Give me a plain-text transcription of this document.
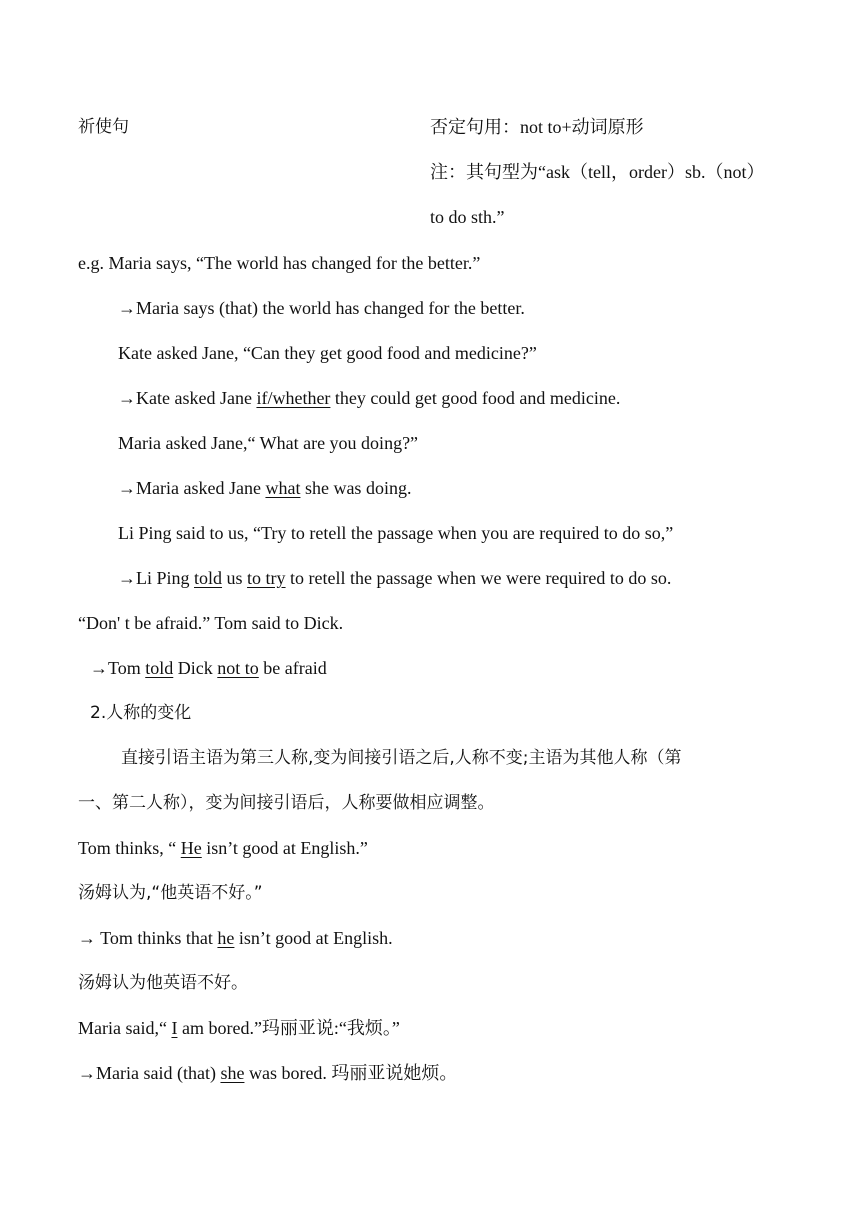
祈使句	否定句用：not to+动词原形
注：其句型为“ask（tell，order）sb.（not）
to do sth.”
e.g. Maria says, “The world has changed for the better.”
→Maria says (that) the world has changed for the better.
Kate asked Jane, “Can they get good food and medicine?”
→Kate asked Jane if/whether they could get good food and medicine.
Maria asked Jane,“ What are you doing?”
→Maria asked Jane what she was doing.
Li Ping said to us, “Try to retell the passage when you are required to do so,”
→Li Ping told us to try to retell the passage when we were required to do so.
“Don' t be afraid.” Tom said to Dick.
→Tom told Dick not to be afraid
2.人称的变化
直接引语主语为第三人称,变为间接引语之后,人称不变;主语为其他人称（第
一、第二人称），变为间接引语后，人称要做相应调整。
Tom thinks, “ He isn’t good at English.”
汤姆认为,“他英语不好。”
→ Tom thinks that he isn’t good at English.
汤姆认为他英语不好。
Maria said,“ I am bored.”玛丽亚说:“我烦。”
→Maria said (that) she was bored. 玛丽亚说她烦。
